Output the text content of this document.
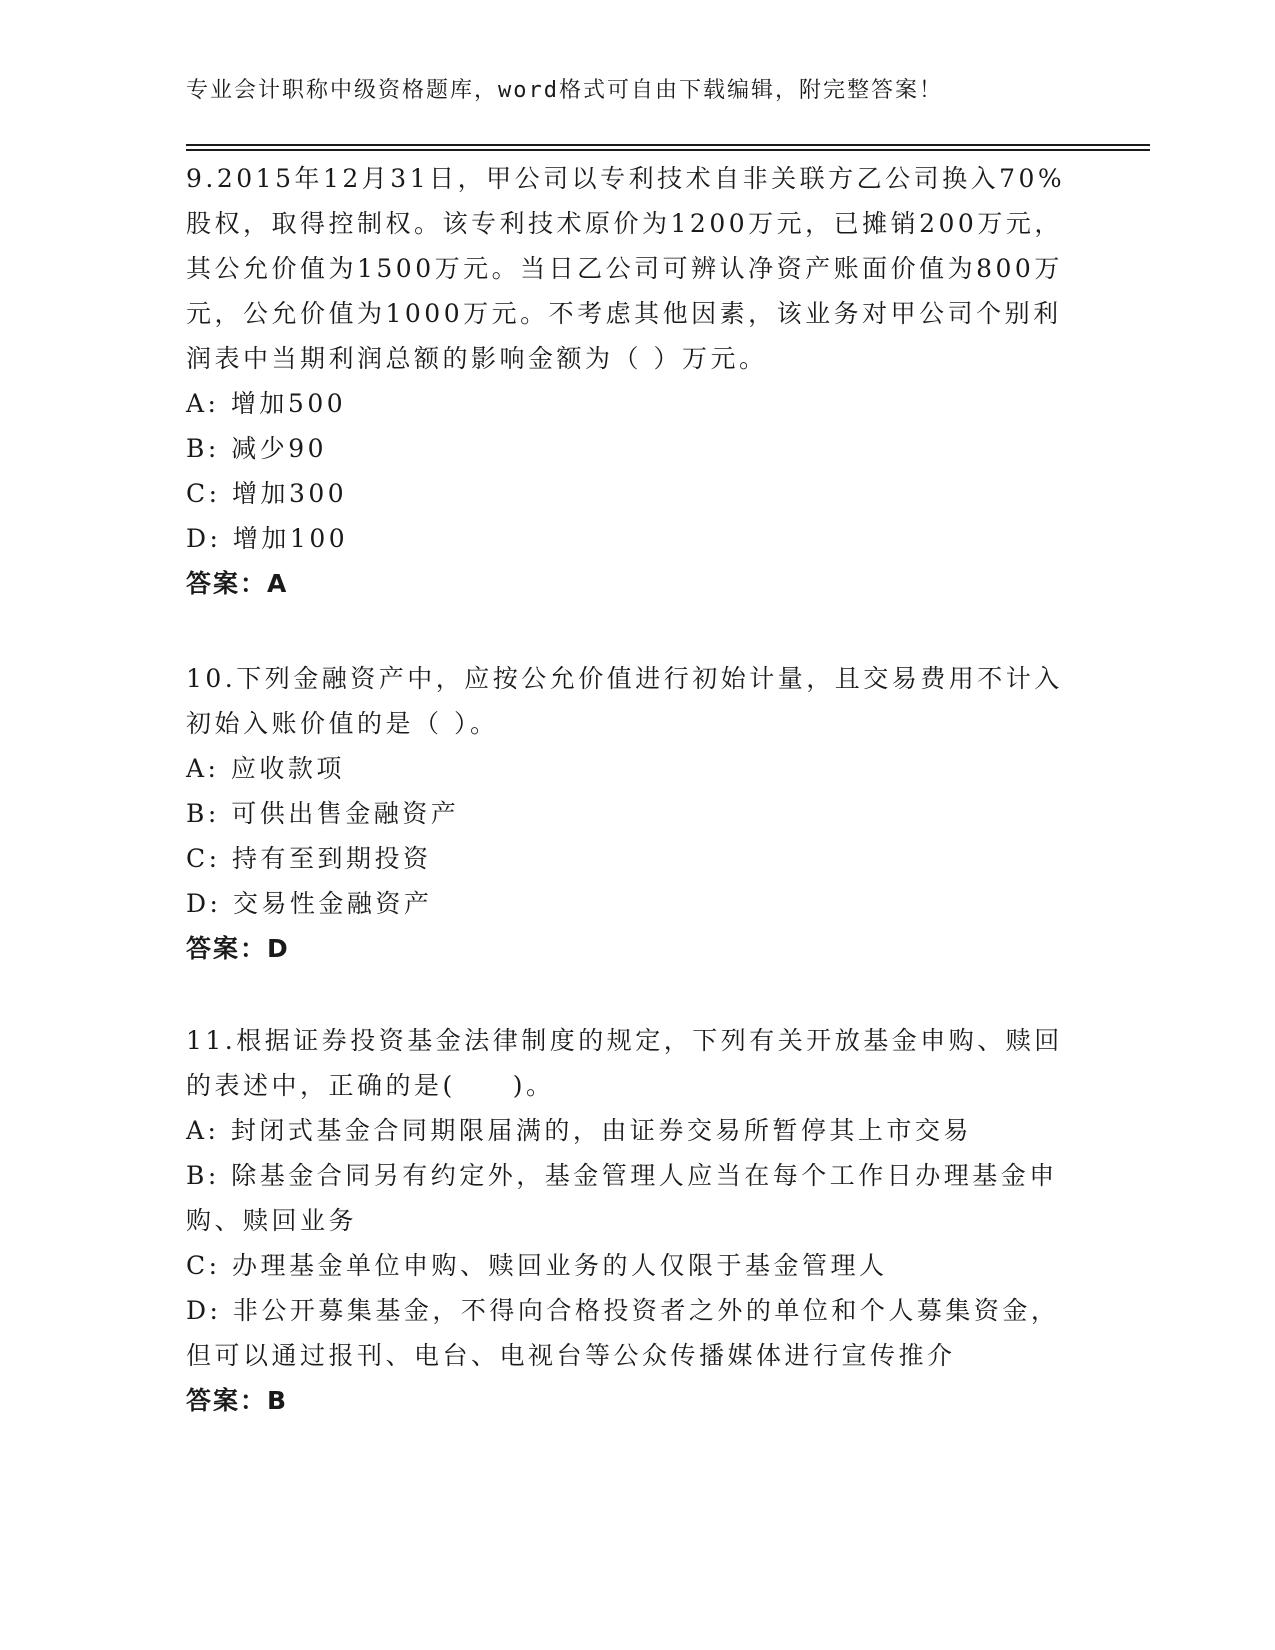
专业会计职称中级资格题库，word格式可自由下载编辑，附完整答案！
9.2015年12月31日，甲公司以专利技术自非关联方乙公司换入70%股权，取得控制权。该专利技术原价为1200万元，已摊销200万元，其公允价值为1500万元。当日乙公司可辨认净资产账面价值为800万元，公允价值为1000万元。不考虑其他因素，该业务对甲公司个别利润表中当期利润总额的影响金额为（ ）万元。
A: 增加500
B: 减少90
C: 增加300
D: 增加100
答案：A
10.下列金融资产中，应按公允价值进行初始计量，且交易费用不计入初始入账价值的是（ ）。
A: 应收款项
B: 可供出售金融资产
C: 持有至到期投资
D: 交易性金融资产
答案：D
11.根据证券投资基金法律制度的规定，下列有关开放基金申购、赎回的表述中，正确的是(　　)。
A: 封闭式基金合同期限届满的，由证券交易所暂停其上市交易
B: 除基金合同另有约定外，基金管理人应当在每个工作日办理基金申购、赎回业务
C: 办理基金单位申购、赎回业务的人仅限于基金管理人
D: 非公开募集基金，不得向合格投资者之外的单位和个人募集资金，但可以通过报刊、电台、电视台等公众传播媒体进行宣传推介
答案：B
